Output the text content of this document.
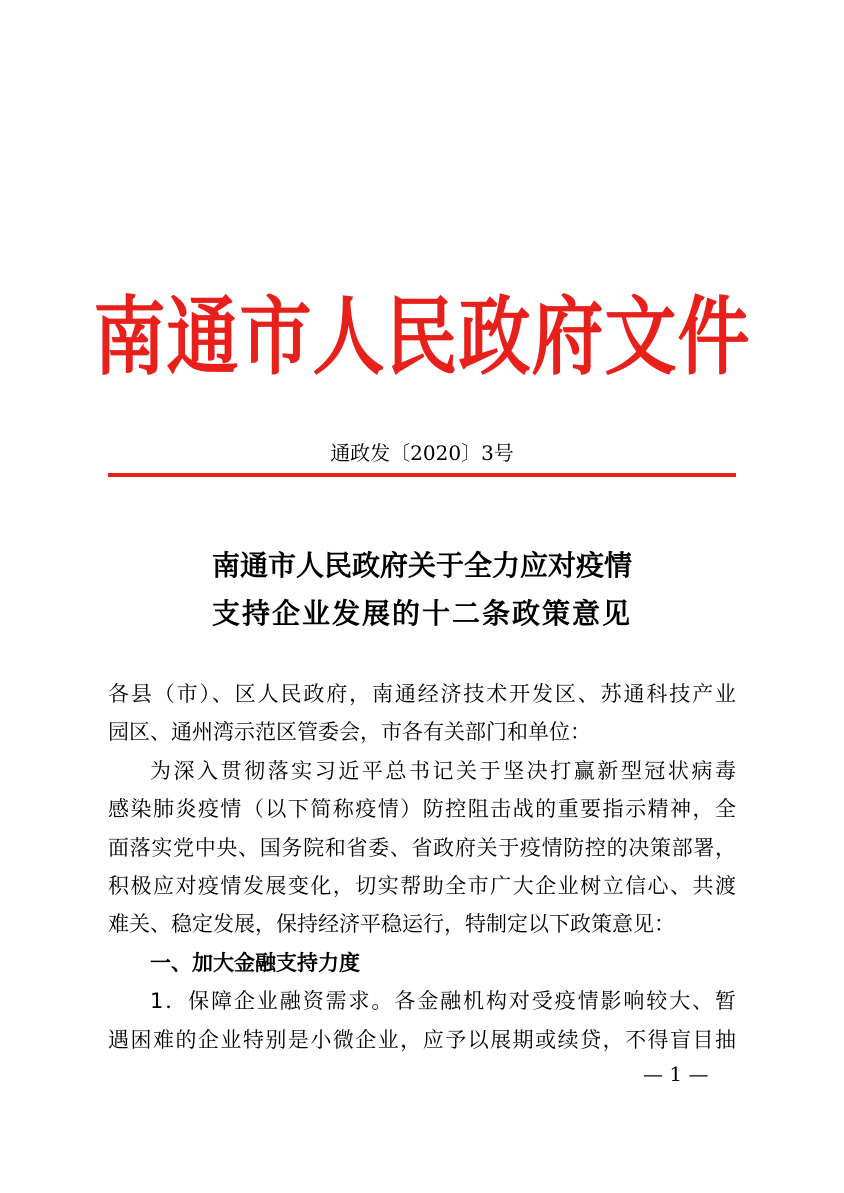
南通市人民政府文件
通政发〔2020〕3号
南通市人民政府关于全力应对疫情
支持企业发展的十二条政策意见

各县（市）、区人民政府，南通经济技术开发区、苏通科技产业
园区、通州湾示范区管委会，市各有关部门和单位：

为深入贯彻落实习近平总书记关于坚决打赢新型冠状病毒
感染肺炎疫情（以下简称疫情）防控阻击战的重要指示精神，全
面落实党中央、国务院和省委、省政府关于疫情防控的决策部署，
积极应对疫情发展变化，切实帮助全市广大企业树立信心、共渡
难关、稳定发展，保持经济平稳运行，特制定以下政策意见：

一、加大金融支持力度

1．保障企业融资需求。各金融机构对受疫情影响较大、暂
遇困难的企业特别是小微企业，应予以展期或续贷，不得盲目抽

— 1 —
